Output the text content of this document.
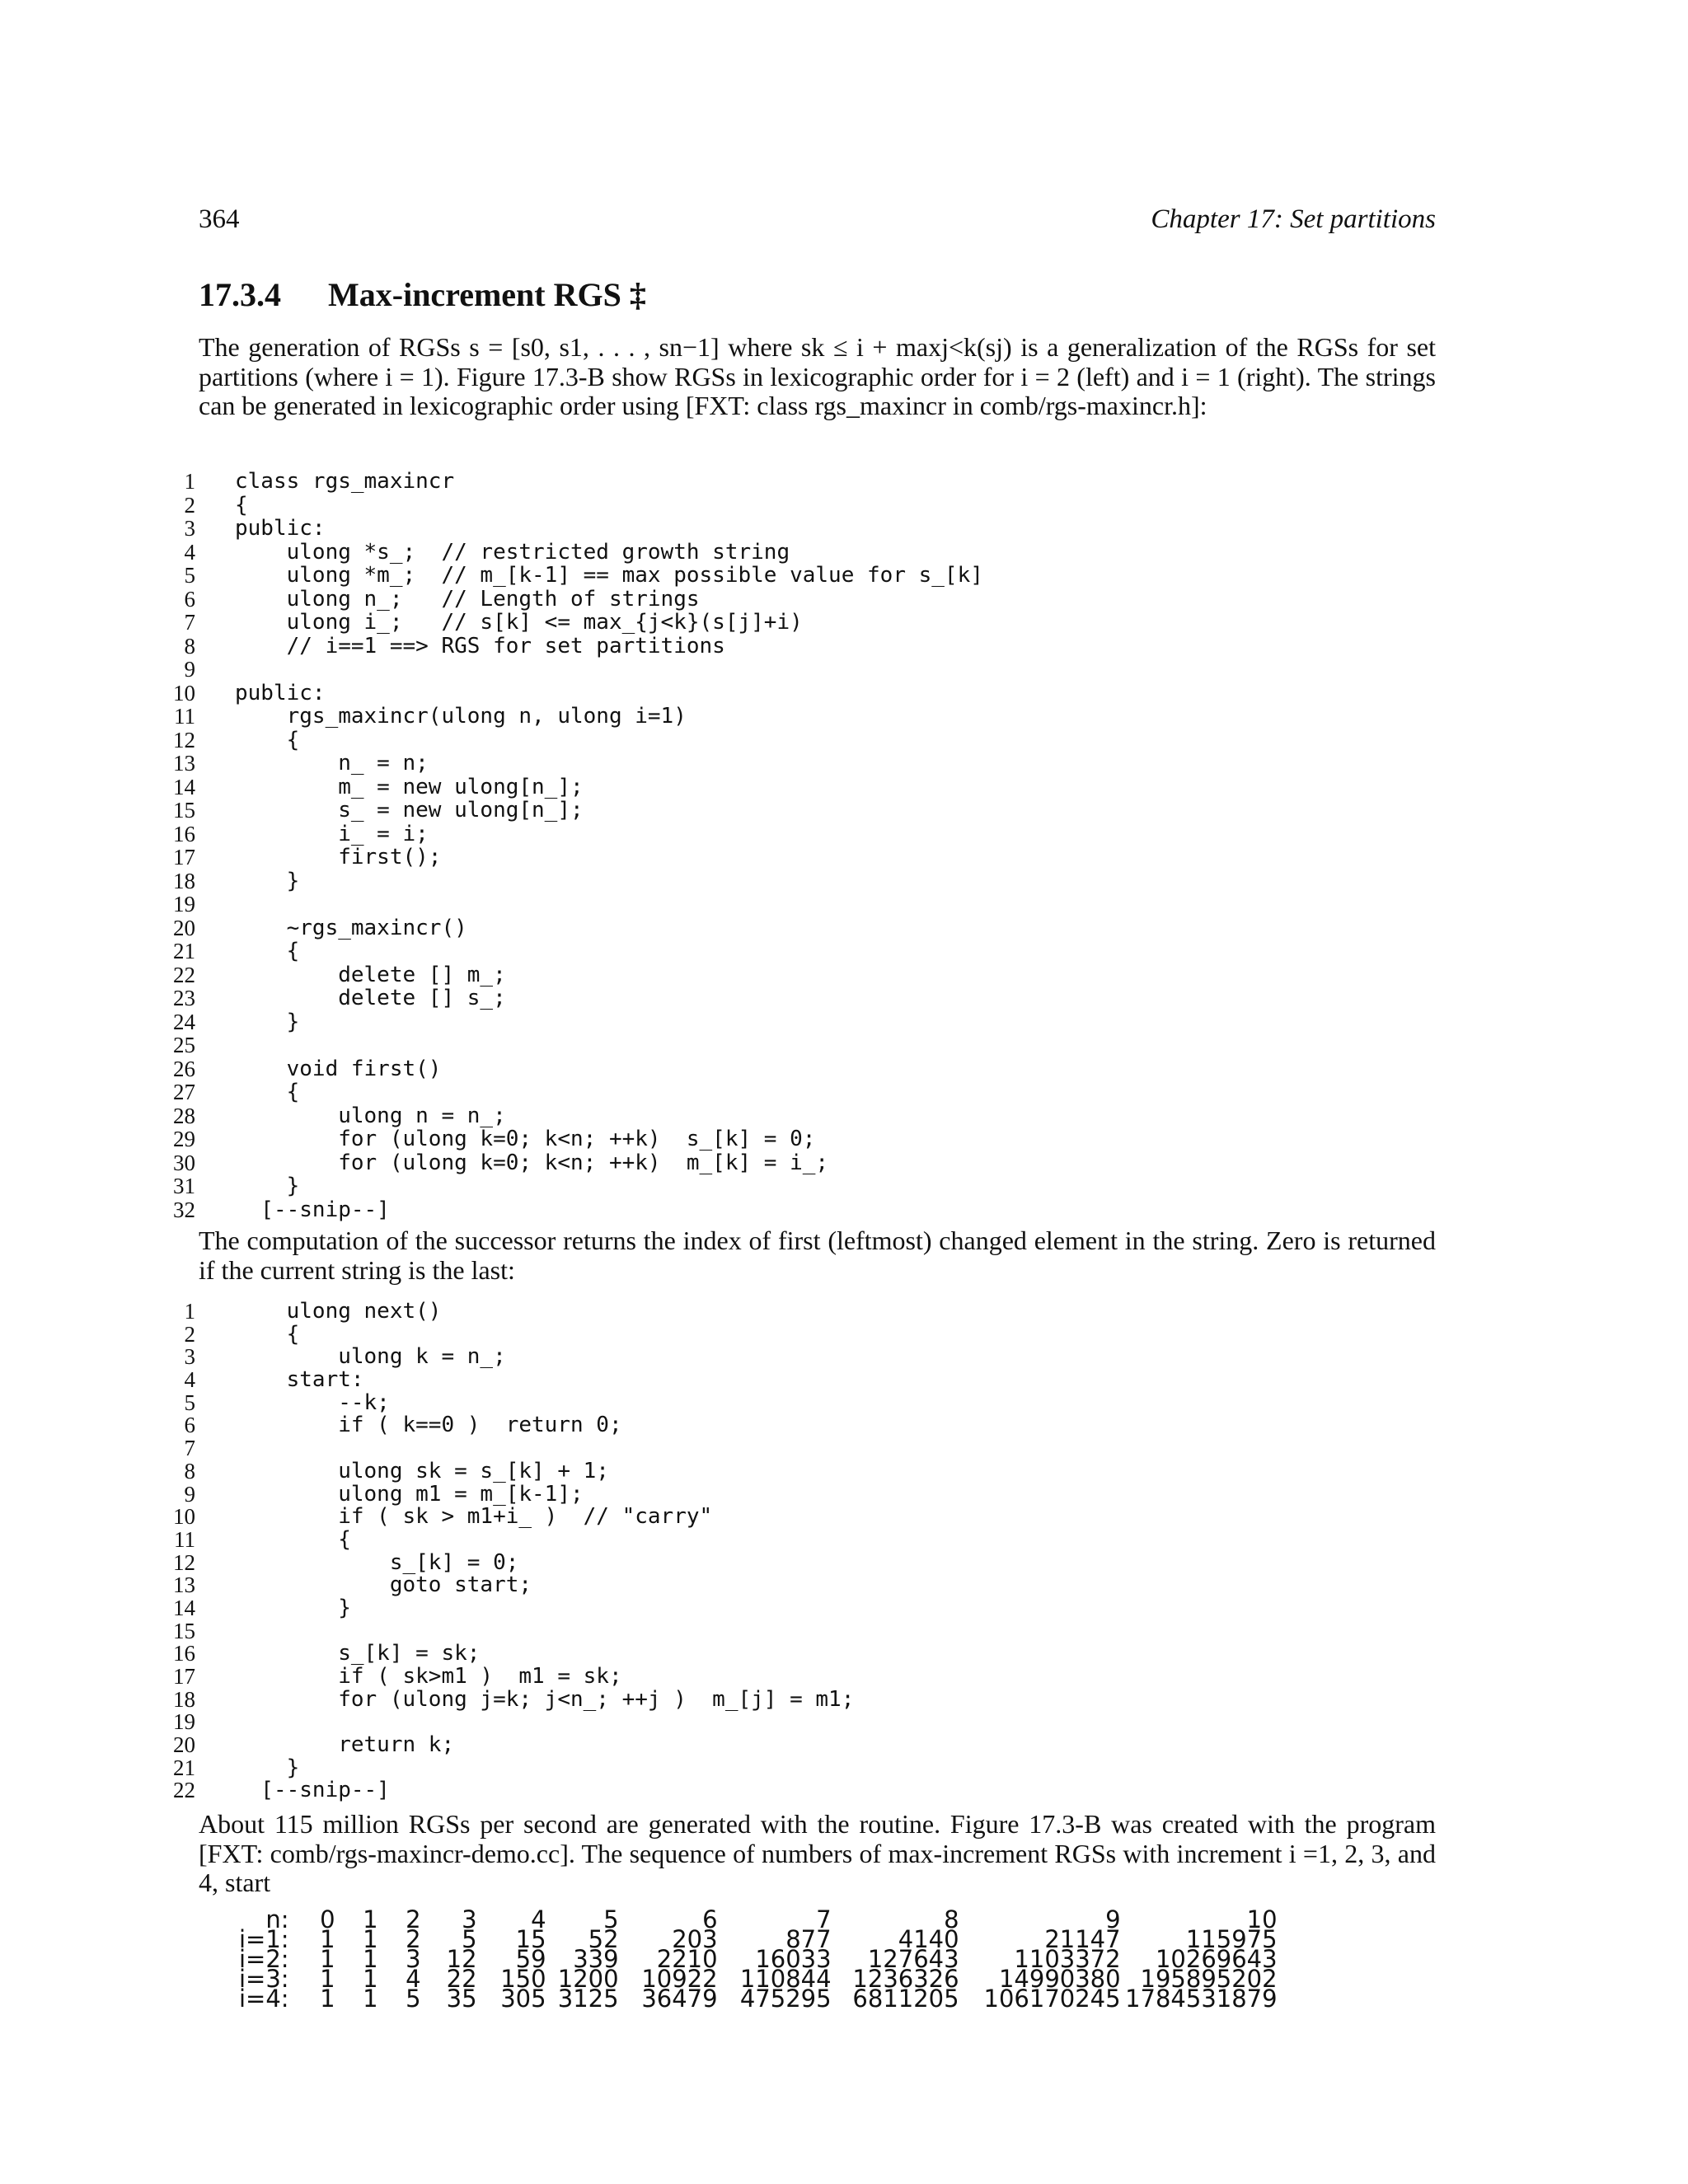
364	Chapter 17: Set partitions
17.3.4 Max-increment RGS ‡

The generation of RGSs s = [s0, s1, . . . , sn−1] where sk ≤ i + maxj<k(sj) is a generalization of the RGSs for set partitions (where i = 1). Figure 17.3-B show RGSs in lexicographic order for i = 2 (left) and i = 1 (right). The strings can be generated in lexicographic order using [FXT: class rgs_maxincr in comb/rgs-maxincr.h]:

1 class rgs_maxincr
2 {
3 public:
4 ulong *s_;  // restricted growth string
5 ulong *m_;  // m_[k-1] == max possible value for s_[k]
6 ulong n_;   // Length of strings
7 ulong i_;   // s[k] <= max_{j<k}(s[j]+i)
8 // i==1 ==> RGS for set partitions
9
10 public:
11 rgs_maxincr(ulong n, ulong i=1)
12 {
13 n_ = n;
14 m_ = new ulong[n_];
15 s_ = new ulong[n_];
16 i_ = i;
17 first();
18 }
19
20 ~rgs_maxincr()
21 {
22 delete [] m_;
23 delete [] s_;
24 }
25
26 void first()
27 {
28 ulong n = n_;
29 for (ulong k=0; k<n; ++k)  s_[k] = 0;
30 for (ulong k=0; k<n; ++k)  m_[k] = i_;
31 }
32 [--snip--]

The computation of the successor returns the index of first (leftmost) changed element in the string. Zero is returned if the current string is the last:

1 ulong next()
2 {
3 ulong k = n_;
4 start:
5 --k;
6 if ( k==0 )  return 0;
7
8 ulong sk = s_[k] + 1;
9 ulong m1 = m_[k-1];
10 if ( sk > m1+i_ )  // "carry"
11 {
12 s_[k] = 0;
13 goto start;
14 }
15
16 s_[k] = sk;
17 if ( sk>m1 )  m1 = sk;
18 for (ulong j=k; j<n_; ++j )  m_[j] = m1;
19
20 return k;
21 }
22 [--snip--]

About 115 million RGSs per second are generated with the routine. Figure 17.3-B was created with the program [FXT: comb/rgs-maxincr-demo.cc]. The sequence of numbers of max-increment RGSs with increment i =1, 2, 3, and 4, start

n:	0	1	2	3	4	5	6	7	8	9	10
i=1:	1	1	2	5	15	52	203	877	4140	21147	115975
i=2:	1	1	3	12	59	339	2210	16033	127643	1103372	10269643
i=3:	1	1	4	22	150	1200	10922	110844	1236326	14990380	195895202
i=4:	1	1	5	35	305	3125	36479	475295	6811205	106170245	1784531879
